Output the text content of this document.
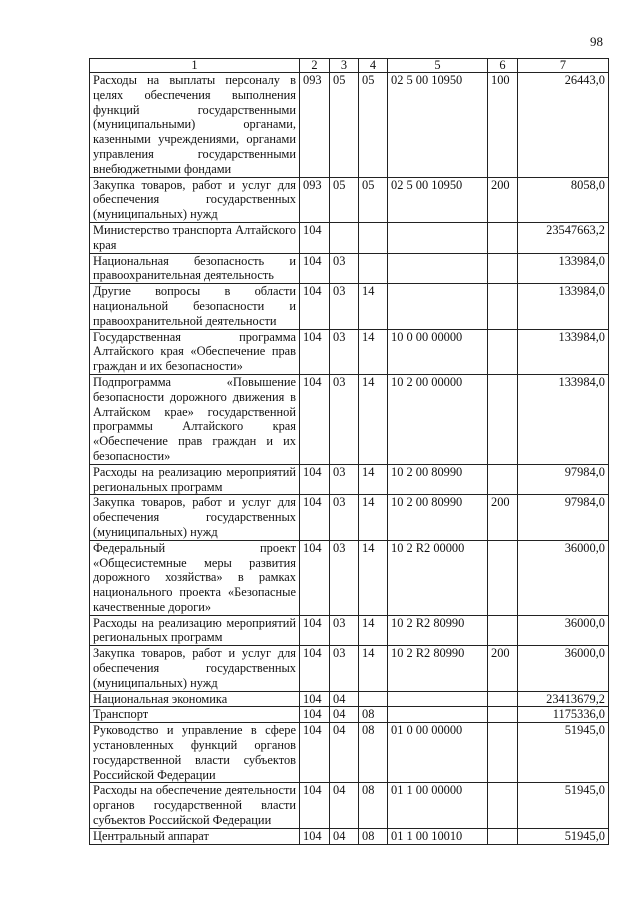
98
1	2	3	4	5	6	7
Расходы на выплаты персоналу в целях обеспечения выполнения функций государственными (муниципальными) органами, казенными учреждениями, органами управления государственными внебюджетными фондами	093	05	05	02 5 00 10950	100	26443,0
Закупка товаров, работ и услуг для обеспечения государственных (муниципальных) нужд	093	05	05	02 5 00 10950	200	8058,0
Министерство транспорта Алтайского края	104					23547663,2
Национальная безопасность и правоохранительная деятельность	104	03				133984,0
Другие вопросы в области национальной безопасности и правоохранительной деятельности	104	03	14			133984,0
Государственная программа Алтайского края «Обеспечение прав граждан и их безопасности»	104	03	14	10 0 00 00000		133984,0
Подпрограмма «Повышение безопасности дорожного движения в Алтайском крае» государственной программы Алтайского края «Обеспечение прав граждан и их безопасности»	104	03	14	10 2 00 00000		133984,0
Расходы на реализацию мероприятий региональных программ	104	03	14	10 2 00 80990		97984,0
Закупка товаров, работ и услуг для обеспечения государственных (муниципальных) нужд	104	03	14	10 2 00 80990	200	97984,0
Федеральный проект «Общесистемные меры развития дорожного хозяйства» в рамках национального проекта «Безопасные качественные дороги»	104	03	14	10 2 R2 00000		36000,0
Расходы на реализацию мероприятий региональных программ	104	03	14	10 2 R2 80990		36000,0
Закупка товаров, работ и услуг для обеспечения государственных (муниципальных) нужд	104	03	14	10 2 R2 80990	200	36000,0
Национальная экономика	104	04				23413679,2
Транспорт	104	04	08			1175336,0
Руководство и управление в сфере установленных функций органов государственной власти субъектов Российской Федерации	104	04	08	01 0 00 00000		51945,0
Расходы на обеспечение деятельности органов государственной власти субъектов Российской Федерации	104	04	08	01 1 00 00000		51945,0
Центральный аппарат	104	04	08	01 1 00 10010		51945,0
